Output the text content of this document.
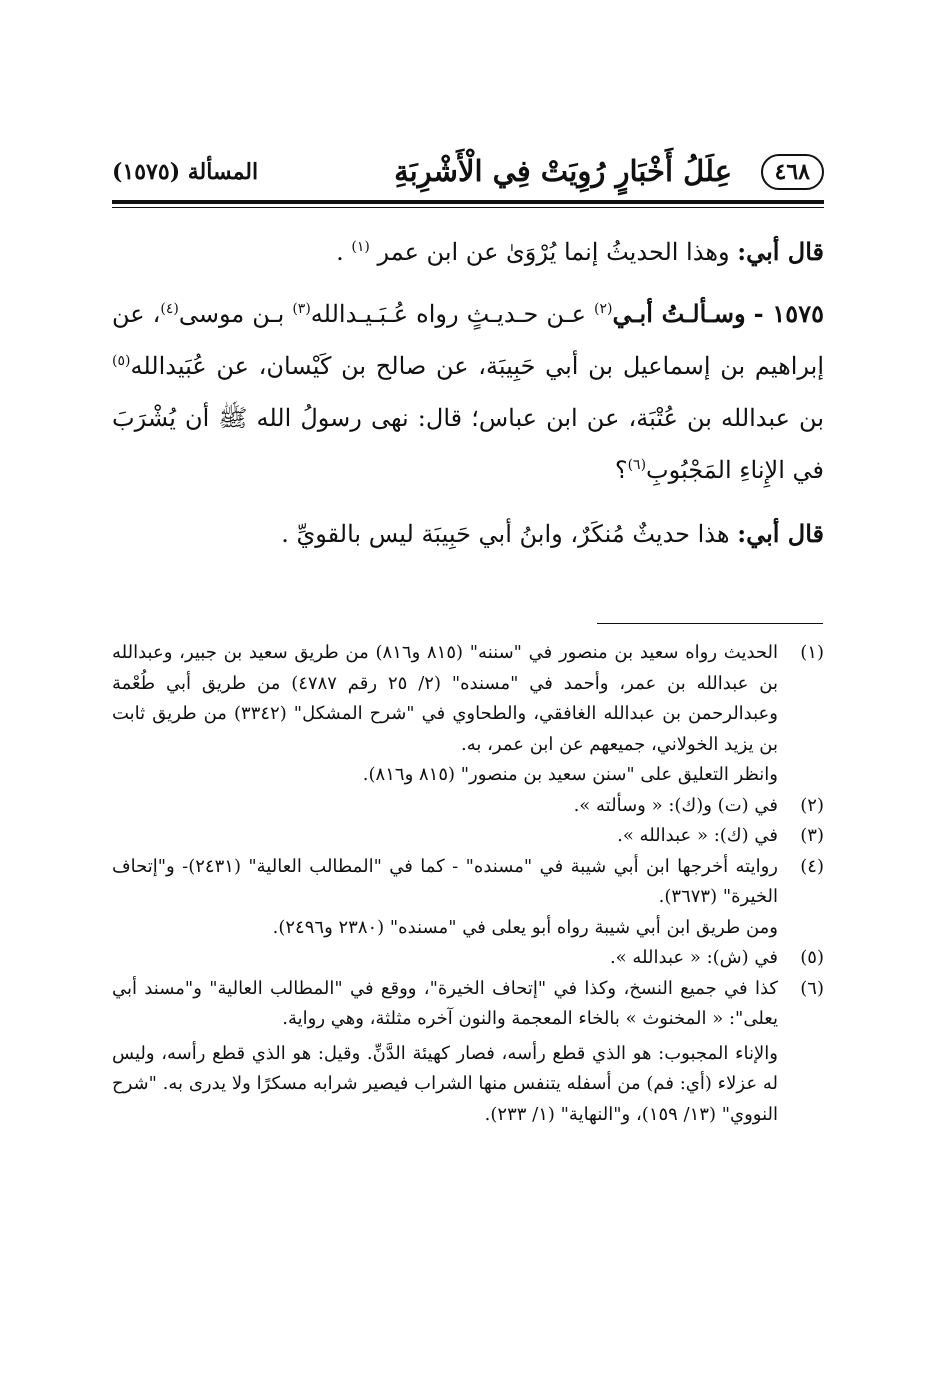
٤٦٨
عِلَلُ أَخْبَارٍ رُوِيَتْ فِي الْأَشْرِبَةِ
المسألة (١٥٧٥)

قال أبي: وهذا الحديثُ إنما يُرْوَىٰ عن ابن عمر $^{(١)}$ .

١٥٧٥ - وسـألـتُ أبـي$^{(٢)}$ عـن حـديـثٍ رواه عُـبَـيـدالله$^{(٣)}$ بـن موسى$^{(٤)}$، عن إبراهيم بن إسماعيل بن أبي حَبِيبَة، عن صالح بن كَيْسان، عن عُبَيدالله$^{(٥)}$ بن عبدالله بن عُتْبَة، عن ابن عباس؛ قال: نهى رسولُ الله ﷺ أن يُشْرَبَ في الإِناءِ المَجْبُوبِ$^{(٦)}$؟

قال أبي: هذا حديثٌ مُنكَرٌ، وابنُ أبي حَبِيبَة ليس بالقويِّ .

(١)

الحديث رواه سعيد بن منصور في "سننه" (٨١٥ و٨١٦) من طريق سعيد بن جبير، وعبدالله بن عبدالله بن عمر، وأحمد في "مسنده" (٢/ ٢٥ رقم ٤٧٨٧) من طريق أبي طُعْمة وعبدالرحمن بن عبدالله الغافقي، والطحاوي في "شرح المشكل" (٣٣٤٢) من طريق ثابت بن يزيد الخولاني، جميعهم عن ابن عمر، به.

وانظر التعليق على "سنن سعيد بن منصور" (٨١٥ و٨١٦).

(٢)

في (ت) و(ك): « وسألته ».

(٣)

في (ك): « عبدالله ».

(٤)

روايته أخرجها ابن أبي شيبة في "مسنده" - كما في "المطالب العالية" (٢٤٣١)- و"إتحاف الخيرة" (٣٦٧٣).

ومن طريق ابن أبي شيبة رواه أبو يعلى في "مسنده" (٢٣٨٠ و٢٤٩٦).

(٥)

في (ش): « عبدالله ».

(٦)

كذا في جميع النسخ، وكذا في "إتحاف الخيرة"، ووقع في "المطالب العالية" و"مسند أبي يعلى": « المخنوث » بالخاء المعجمة والنون آخره مثلثة، وهي رواية.

والإناء المجبوب: هو الذي قطع رأسه، فصار كهيئة الدَّنِّ. وقيل: هو الذي قطع رأسه، وليس له عزلاء (أي: فم) من أسفله يتنفس منها الشراب فيصير شرابه مسكرًا ولا يدرى به. "شرح النووي" (١٣/ ١٥٩)، و"النهاية" (١/ ٢٣٣).
